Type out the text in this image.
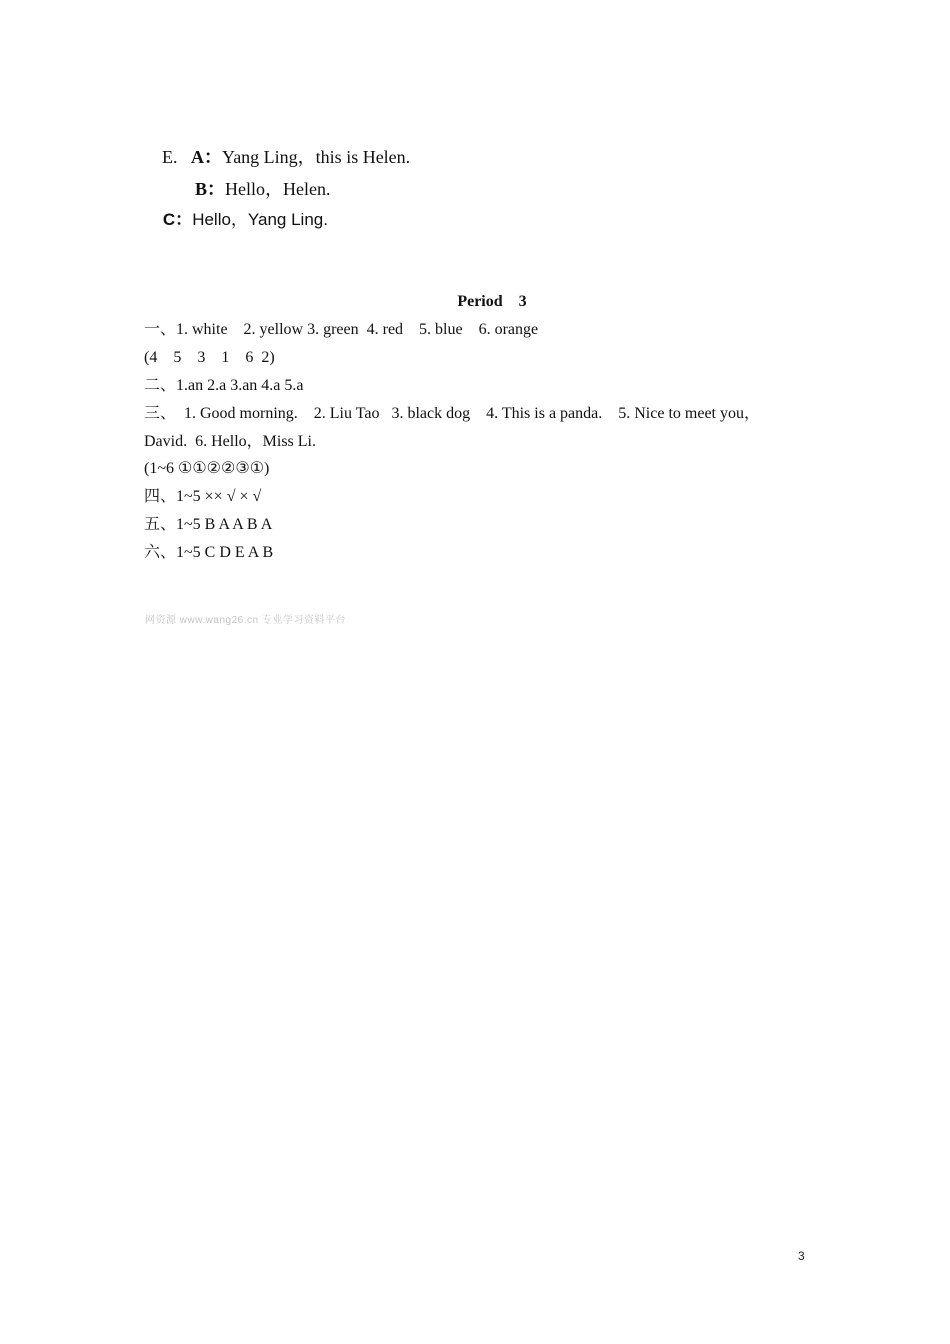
E. A：Yang Ling，this is Helen.

B：Hello，Helen.

C：Hello，Yang Ling.

Period    3
一、1. white    2. yellow 3. green  4. red    5. blue    6. orange
(4    5    3    1    6  2)
二、1.an 2.a 3.an 4.a 5.a
三、  1. Good morning.    2. Liu Tao   3. black dog    4. This is a panda.    5. Nice to meet you，
David.  6. Hello，Miss Li.
(1~6 ①①②②③①)
四、1~5 ×× √ × √
五、1~5 B A A B A
六、1~5 C D E A B
网资源 www.wang26.cn 专业学习资料平台
3
